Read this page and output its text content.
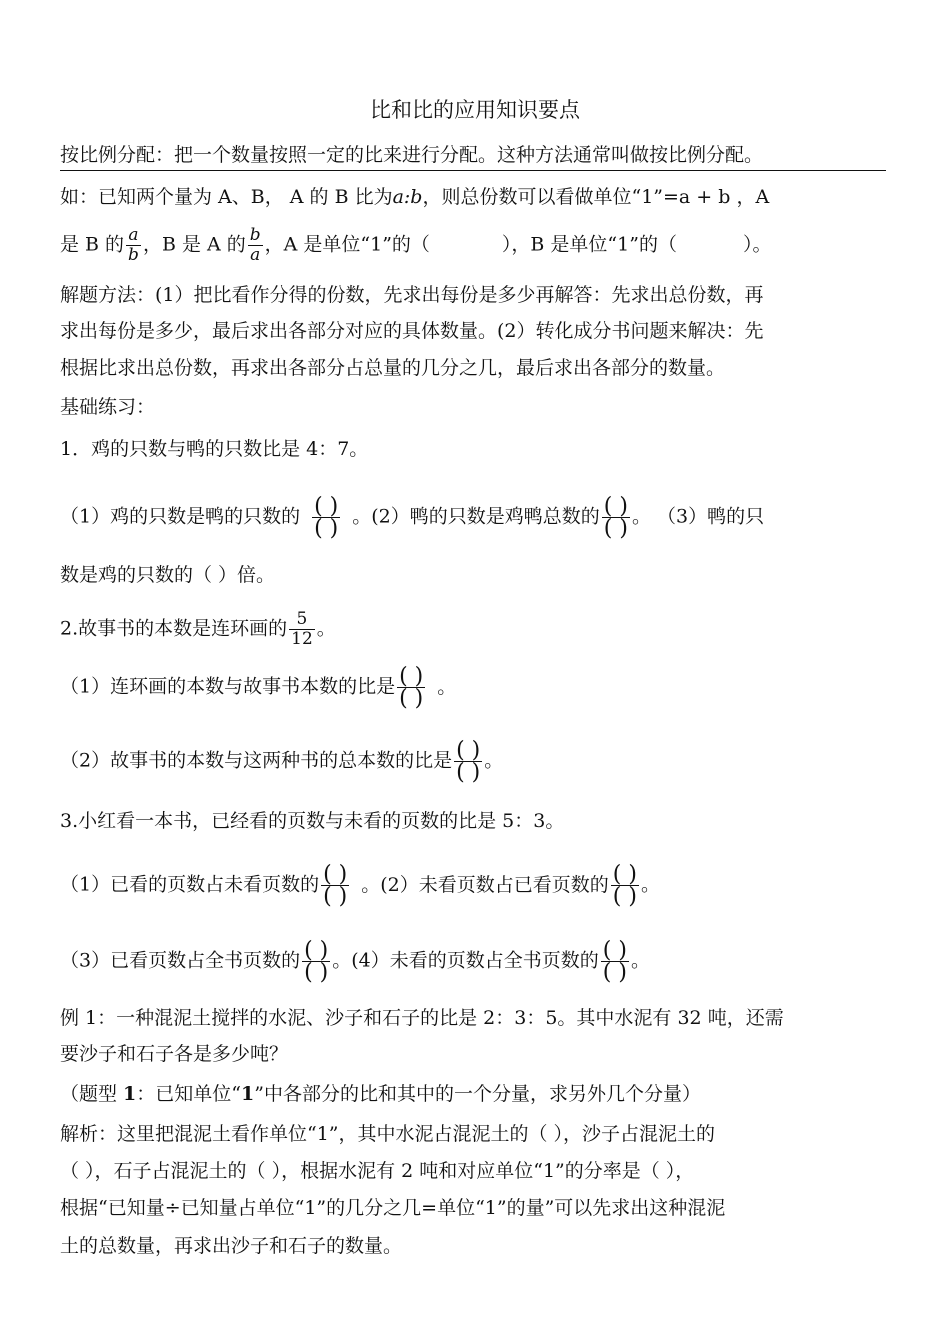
比和比的应用知识要点
按比例分配：把一个数量按照一定的比来进行分配。这种方法通常叫做按比例分配。
如：已知两个量为 A、B， A 的 B 比为a:b，则总份数可以看做单位“1”=a + b ，A
是 B 的 $\frac{a}{b}$ ，B 是 A 的 $\frac{b}{a}$ ，A 是单位“1”的（	），B 是单位“1”的（	）。
解题方法：(1）把比看作分得的份数，先求出每份是多少再解答：先求出总份数，再
求出每份是多少，最后求出各部分对应的具体数量。(2）转化成分书问题来解决：先
根据比求出总份数，再求出各部分占总量的几分之几，最后求出各部分的数量。
基础练习：
1．鸡的只数与鸭的只数比是 4：7。
（1）鸡的只数是鸭的只数的 $\frac{( )}{( )}$ 。(2）鸭的只数是鸡鸭总数的 $\frac{( )}{( )}$ 。 （3）鸭的只
数是鸡的只数的（ ）倍。
2.故事书的本数是连环画的 $\frac{5}{12}$ 。
（1）连环画的本数与故事书本数的比是 $\frac{( )}{( )}$ 。
（2）故事书的本数与这两种书的总本数的比是 $\frac{( )}{( )}$ 。
3.小红看一本书，已经看的页数与未看的页数的比是 5：3。
（1）已看的页数占未看页数的 $\frac{( )}{( )}$ 。(2）未看页数占已看页数的 $\frac{( )}{( )}$ 。
（3）已看页数占全书页数的 $\frac{( )}{( )}$ 。(4）未看的页数占全书页数的 $\frac{( )}{( )}$ 。
例 1：一种混泥土搅拌的水泥、沙子和石子的比是 2：3：5。其中水泥有 32 吨，还需
要沙子和石子各是多少吨？
（题型 1：已知单位“1”中各部分的比和其中的一个分量，求另外几个分量）
解析：这里把混泥土看作单位“1”，其中水泥占混泥土的（ ），沙子占混泥土的
（ ），石子占混泥土的（ ），根据水泥有 2 吨和对应单位“1”的分率是（ ），
根据“已知量÷已知量占单位“1”的几分之几=单位“1”的量”可以先求出这种混泥
土的总数量，再求出沙子和石子的数量。
